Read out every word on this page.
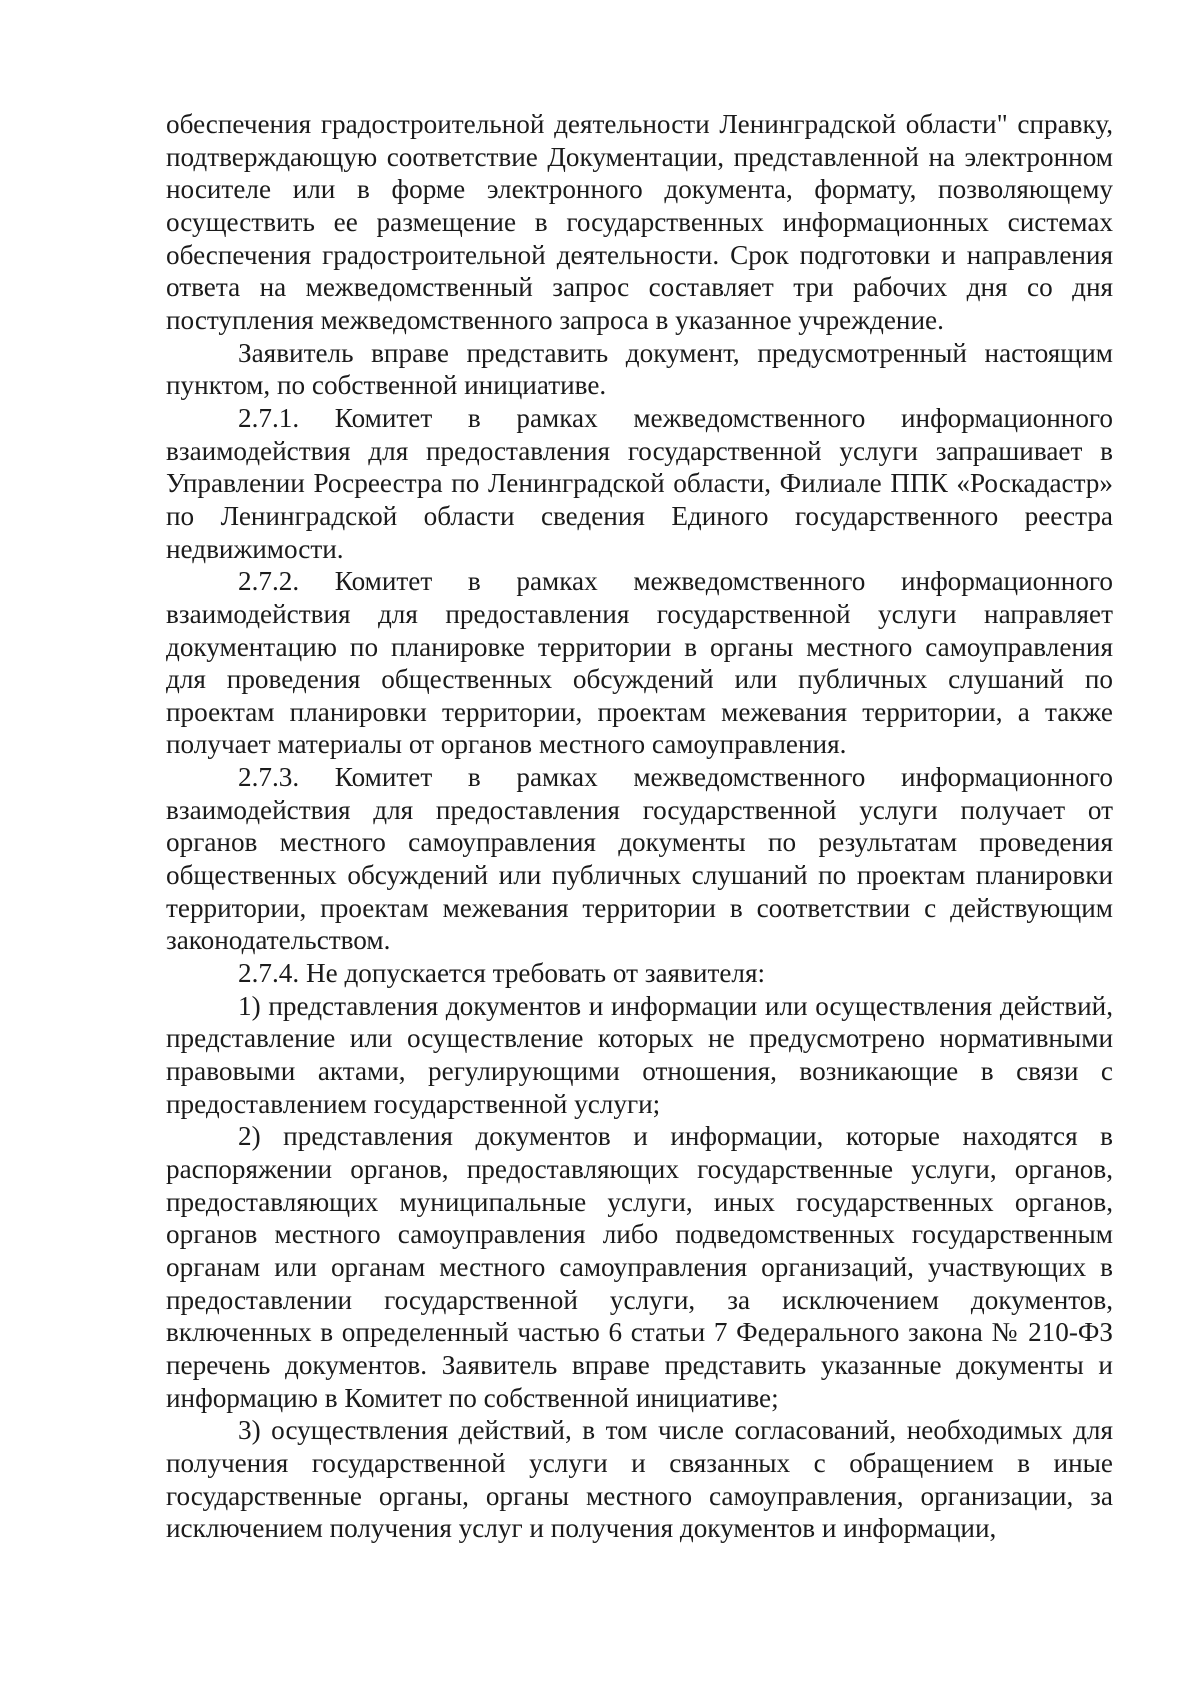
обеспечения градостроительной деятельности Ленинградской области" справку, подтверждающую соответствие Документации, представленной на электронном носителе или в форме электронного документа, формату, позволяющему осуществить ее размещение в государственных информационных системах обеспечения градостроительной деятельности. Срок подготовки и направления ответа на межведомственный запрос составляет три рабочих дня со дня поступления межведомственного запроса в указанное учреждение.

Заявитель вправе представить документ, предусмотренный настоящим пунктом, по собственной инициативе.

2.7.1. Комитет в рамках межведомственного информационного взаимодействия для предоставления государственной услуги запрашивает в Управлении Росреестра по Ленинградской области, Филиале ППК «Роскадастр» по Ленинградской области сведения Единого государственного реестра недвижимости.

2.7.2. Комитет в рамках межведомственного информационного взаимодействия для предоставления государственной услуги направляет документацию по планировке территории в органы местного самоуправления для проведения общественных обсуждений или публичных слушаний по проектам планировки территории, проектам межевания территории, а также получает материалы от органов местного самоуправления.

2.7.3. Комитет в рамках межведомственного информационного взаимодействия для предоставления государственной услуги получает от органов местного самоуправления документы по результатам проведения общественных обсуждений или публичных слушаний по проектам планировки территории, проектам межевания территории в соответствии с действующим законодательством.

2.7.4. Не допускается требовать от заявителя:

1) представления документов и информации или осуществления действий, представление или осуществление которых не предусмотрено нормативными правовыми актами, регулирующими отношения, возникающие в связи с предоставлением государственной услуги;

2) представления документов и информации, которые находятся в распоряжении органов, предоставляющих государственные услуги, органов, предоставляющих муниципальные услуги, иных государственных органов, органов местного самоуправления либо подведомственных государственным органам или органам местного самоуправления организаций, участвующих в предоставлении государственной услуги, за исключением документов, включенных в определенный частью 6 статьи 7 Федерального закона № 210-ФЗ перечень документов. Заявитель вправе представить указанные документы и информацию в Комитет по собственной инициативе;

3) осуществления действий, в том числе согласований, необходимых для получения государственной услуги и связанных с обращением в иные государственные органы, органы местного самоуправления, организации, за исключением получения услуг и получения документов и информации,
